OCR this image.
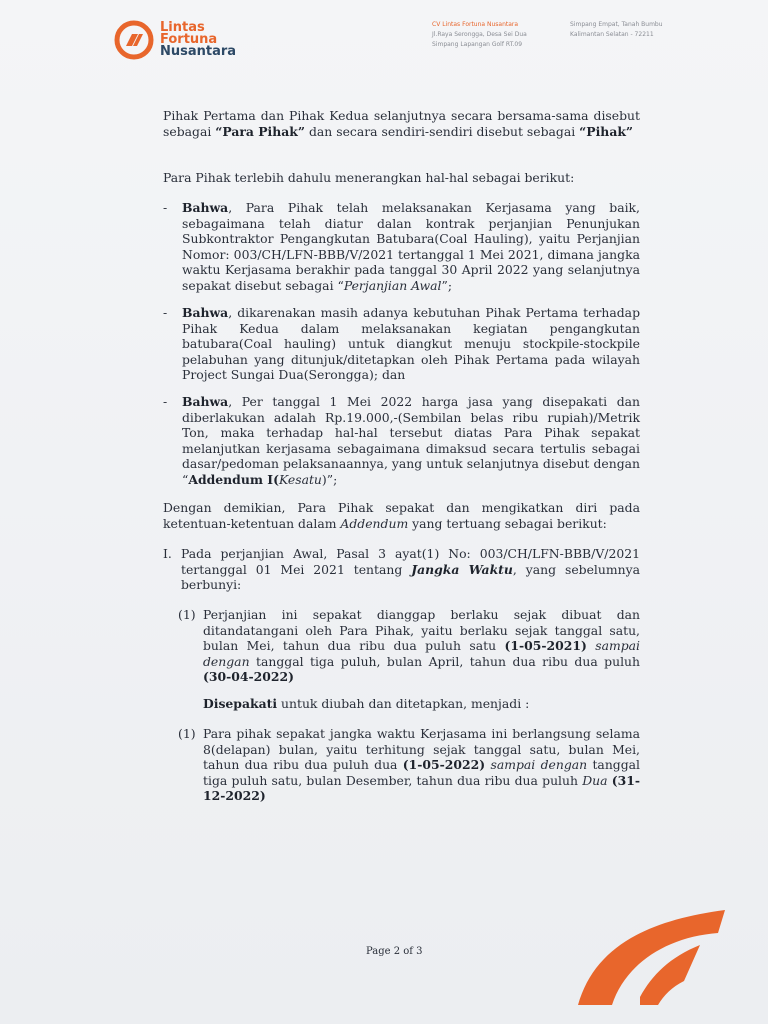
Lintas
Fortuna
Nusantara
CV Lintas Fortuna Nusantara
Jl.Raya Serongga, Desa Sei Dua
Simpang Lapangan Golf RT.09
Simpang Empat, Tanah Bumbu
Kalimantan Selatan - 72211
Pihak Pertama dan Pihak Kedua selanjutnya secara bersama-sama disebut sebagai “Para Pihak” dan secara sendiri-sendiri disebut sebagai “Pihak”
Para Pihak terlebih dahulu menerangkan hal-hal sebagai berikut:
- Bahwa, Para Pihak telah melaksanakan Kerjasama yang baik, sebagaimana telah diatur dalan kontrak perjanjian Penunjukan Subkontraktor Pengangkutan Batubara(Coal Hauling), yaitu Perjanjian Nomor: 003/CH/LFN-BBB/V/2021 tertanggal 1 Mei 2021, dimana jangka waktu Kerjasama berakhir pada tanggal 30 April 2022 yang selanjutnya sepakat disebut sebagai “Perjanjian Awal”;
- Bahwa, dikarenakan masih adanya kebutuhan Pihak Pertama terhadap Pihak Kedua dalam melaksanakan kegiatan pengangkutan batubara(Coal hauling) untuk diangkut menuju stockpile-stockpile pelabuhan yang ditunjuk/ditetapkan oleh Pihak Pertama pada wilayah Project Sungai Dua(Serongga); dan
- Bahwa, Per tanggal 1 Mei 2022 harga jasa yang disepakati dan diberlakukan adalah Rp.19.000,-(Sembilan belas ribu rupiah)/Metrik Ton, maka terhadap hal-hal tersebut diatas Para Pihak sepakat melanjutkan kerjasama sebagaimana dimaksud secara tertulis sebagai dasar/pedoman pelaksanaannya, yang untuk selanjutnya disebut dengan “Addendum I(Kesatu)”;
Dengan demikian, Para Pihak sepakat dan mengikatkan diri pada ketentuan-ketentuan dalam Addendum yang tertuang sebagai berikut:
I. Pada perjanjian Awal, Pasal 3 ayat(1) No: 003/CH/LFN-BBB/V/2021 tertanggal 01 Mei 2021 tentang Jangka Waktu, yang sebelumnya berbunyi:
(1) Perjanjian ini sepakat dianggap berlaku sejak dibuat dan ditandatangani oleh Para Pihak, yaitu berlaku sejak tanggal satu, bulan Mei, tahun dua ribu dua puluh satu (1-05-2021) sampai dengan tanggal tiga puluh, bulan April, tahun dua ribu dua puluh (30-04-2022)
Disepakati untuk diubah dan ditetapkan, menjadi :
(1) Para pihak sepakat jangka waktu Kerjasama ini berlangsung selama 8(delapan) bulan, yaitu terhitung sejak tanggal satu, bulan Mei, tahun dua ribu dua puluh dua (1-05-2022) sampai dengan tanggal tiga puluh satu, bulan Desember, tahun dua ribu dua puluh Dua (31-12-2022)
Page 2 of 3
